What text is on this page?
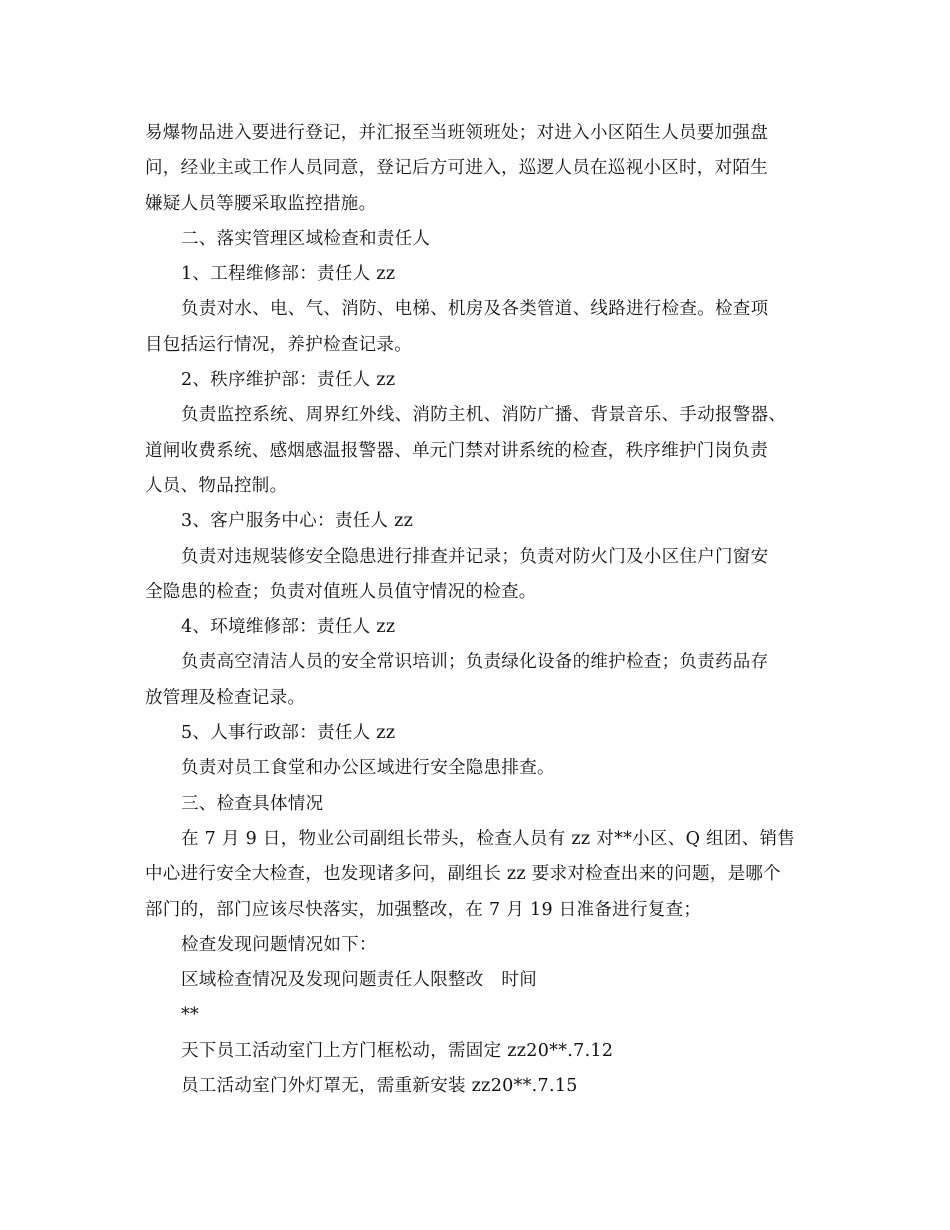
易爆物品进入要进行登记，并汇报至当班领班处；对进入小区陌生人员要加强盘
问，经业主或工作人员同意，登记后方可进入，巡逻人员在巡视小区时，对陌生
嫌疑人员等腰采取监控措施。
二、落实管理区域检查和责任人
1、工程维修部：责任人 zz
负责对水、电、气、消防、电梯、机房及各类管道、线路进行检查。检查项
目包括运行情况，养护检查记录。
2、秩序维护部：责任人 zz
负责监控系统、周界红外线、消防主机、消防广播、背景音乐、手动报警器、
道闸收费系统、感烟感温报警器、单元门禁对讲系统的检查，秩序维护门岗负责
人员、物品控制。
3、客户服务中心：责任人 zz
负责对违规装修安全隐患进行排查并记录；负责对防火门及小区住户门窗安
全隐患的检查；负责对值班人员值守情况的检查。
4、环境维修部：责任人 zz
负责高空清洁人员的安全常识培训；负责绿化设备的维护检查；负责药品存
放管理及检查记录。
5、人事行政部：责任人 zz
负责对员工食堂和办公区域进行安全隐患排查。
三、检查具体情况
在 7 月 9 日，物业公司副组长带头，检查人员有 zz 对**小区、Q 组团、销售
中心进行安全大检查，也发现诸多问，副组长 zz 要求对检查出来的问题，是哪个
部门的，部门应该尽快落实，加强整改，在 7 月 19 日准备进行复查；
检查发现问题情况如下：
区域检查情况及发现问题责任人限整改　时间
**
天下员工活动室门上方门框松动，需固定 zz20**.7.12
员工活动室门外灯罩无，需重新安装 zz20**.7.15
